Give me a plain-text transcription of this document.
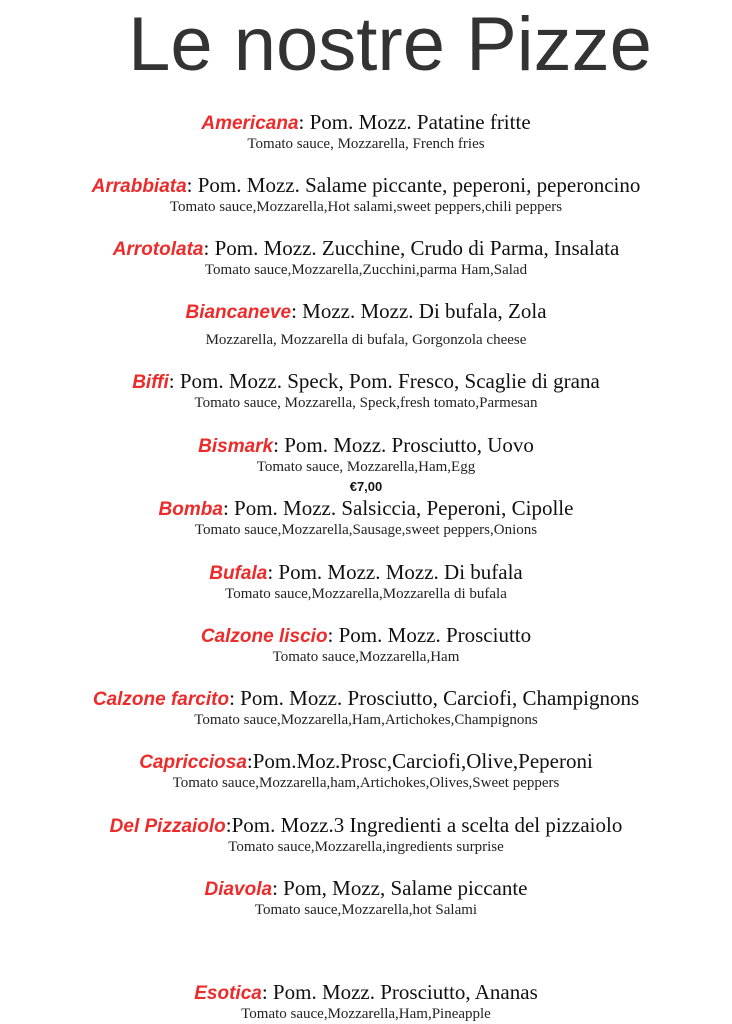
Le nostre Pizze
Americana: Pom. Mozz. Patatine fritte
Tomato sauce, Mozzarella, French fries
Arrabbiata: Pom. Mozz. Salame piccante, peperoni, peperoncino
Tomato sauce,Mozzarella,Hot salami,sweet peppers,chili peppers
Arrotolata: Pom. Mozz. Zucchine, Crudo di Parma, Insalata
Tomato sauce,Mozzarella,Zucchini,parma Ham,Salad
Biancaneve: Mozz. Mozz. Di bufala, Zola
Mozzarella, Mozzarella di bufala, Gorgonzola cheese
Biffi: Pom. Mozz. Speck, Pom. Fresco, Scaglie di grana
Tomato sauce, Mozzarella, Speck,fresh tomato,Parmesan
Bismark: Pom. Mozz. Prosciutto, Uovo
Tomato sauce, Mozzarella,Ham,Egg
€7,00
Bomba: Pom. Mozz. Salsiccia, Peperoni, Cipolle
Tomato sauce,Mozzarella,Sausage,sweet peppers,Onions
Bufala: Pom. Mozz. Mozz. Di bufala
Tomato sauce,Mozzarella,Mozzarella di bufala
Calzone liscio: Pom. Mozz. Prosciutto
Tomato sauce,Mozzarella,Ham
Calzone farcito: Pom. Mozz. Prosciutto, Carciofi, Champignons
Tomato sauce,Mozzarella,Ham,Artichokes,Champignons
Capricciosa:Pom.Moz.Prosc,Carciofi,Olive,Peperoni
Tomato sauce,Mozzarella,ham,Artichokes,Olives,Sweet peppers
Del Pizzaiolo:Pom. Mozz.3 Ingredienti a scelta del pizzaiolo
Tomato sauce,Mozzarella,ingredients surprise
Diavola: Pom, Mozz, Salame piccante
Tomato sauce,Mozzarella,hot Salami
Esotica: Pom. Mozz. Prosciutto, Ananas
Tomato sauce,Mozzarella,Ham,Pineapple
